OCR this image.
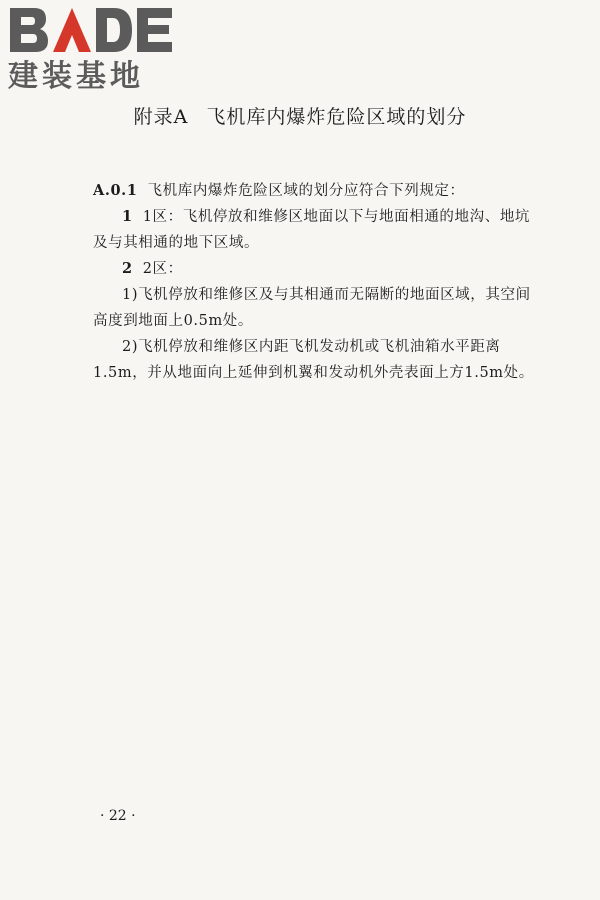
建装基地
附录A 飞机库内爆炸危险区域的划分

A.0.1 飞机库内爆炸危险区域的划分应符合下列规定：

1 1区：飞机停放和维修区地面以下与地面相通的地沟、地坑及与其相通的地下区域。

2 2区：

1)飞机停放和维修区及与其相通而无隔断的地面区域，其空间高度到地面上0.5m处。

2)飞机停放和维修区内距飞机发动机或飞机油箱水平距离1.5m，并从地面向上延伸到机翼和发动机外壳表面上方1.5m处。

· 22 ·
